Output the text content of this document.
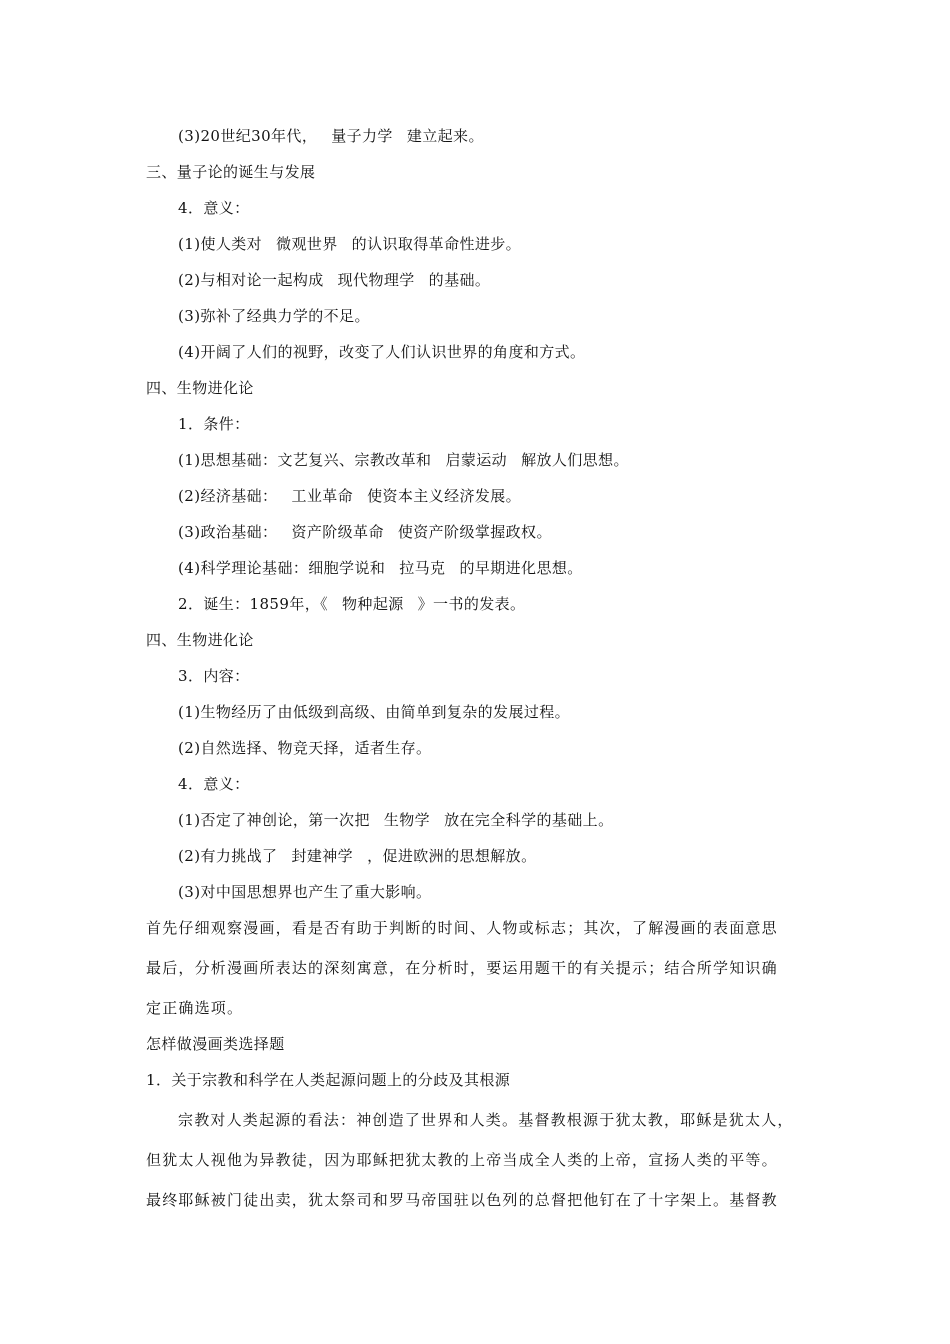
(3)20世纪30年代， 量子力学 建立起来。
三、量子论的诞生与发展
4．意义：
(1)使人类对 微观世界 的认识取得革命性进步。
(2)与相对论一起构成 现代物理学 的基础。
(3)弥补了经典力学的不足。
(4)开阔了人们的视野，改变了人们认识世界的角度和方式。
四、生物进化论
1．条件：
(1)思想基础：文艺复兴、宗教改革和 启蒙运动 解放人们思想。
(2)经济基础： 工业革命 使资本主义经济发展。
(3)政治基础： 资产阶级革命 使资产阶级掌握政权。
(4)科学理论基础：细胞学说和 拉马克 的早期进化思想。
2．诞生：1859年，《 物种起源 》一书的发表。
四、生物进化论
3．内容：
(1)生物经历了由低级到高级、由简单到复杂的发展过程。
(2)自然选择、物竞天择，适者生存。
4．意义：
(1)否定了神创论，第一次把 生物学 放在完全科学的基础上。
(2)有力挑战了 封建神学 ，促进欧洲的思想解放。
(3)对中国思想界也产生了重大影响。
首先仔细观察漫画，看是否有助于判断的时间、人物或标志；其次，了解漫画的表面意思
最后，分析漫画所表达的深刻寓意，在分析时，要运用题干的有关提示；结合所学知识确
定正确选项。
怎样做漫画类选择题
1．关于宗教和科学在人类起源问题上的分歧及其根源
宗教对人类起源的看法：神创造了世界和人类。基督教根源于犹太教，耶稣是犹太人，
但犹太人视他为异教徒，因为耶稣把犹太教的上帝当成全人类的上帝，宣扬人类的平等。
最终耶稣被门徒出卖，犹太祭司和罗马帝国驻以色列的总督把他钉在了十字架上。基督教
